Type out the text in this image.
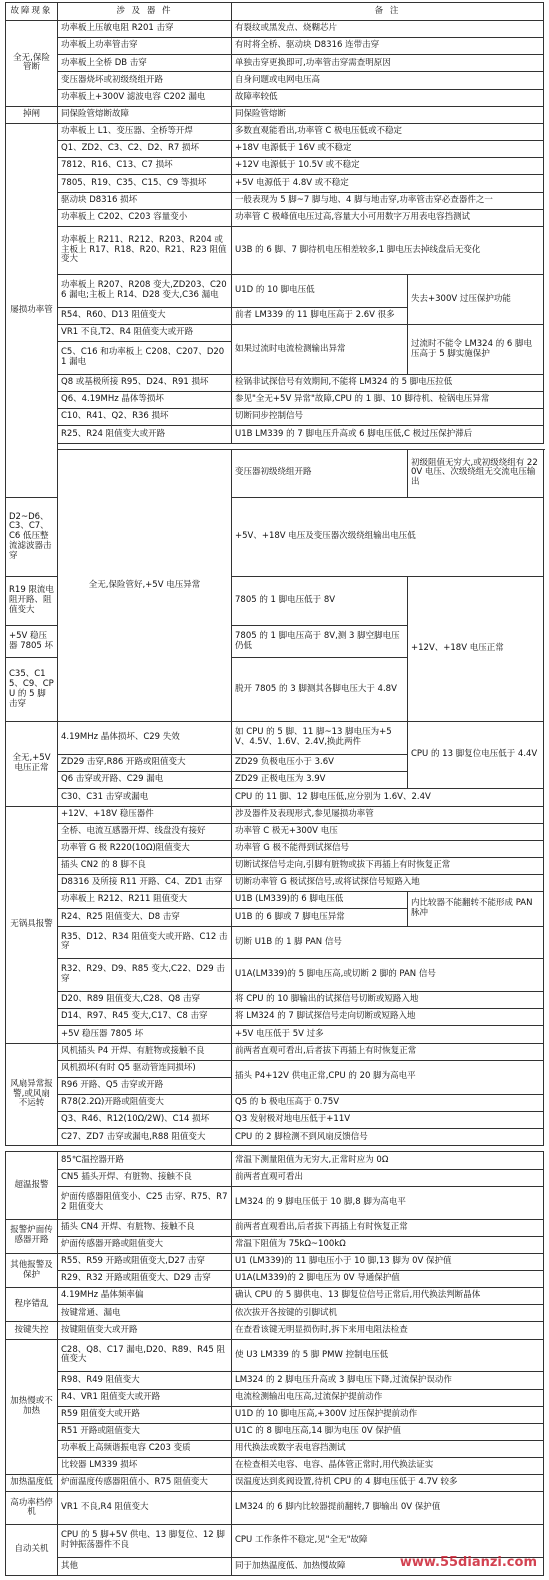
故障现象	涉 及 器 件	备 注	
全无,保险管断	功率板上压敏电阻 R201 击穿	有裂纹或黑发点、烧糊芯片	
	功率板上功率管击穿	有时将全桥、驱动块 D8316 连带击穿	
	功率板上全桥 DB 击穿	单独击穿更换即可,功率管击穿需查明原因	
	变压器烧坏或初级绕组开路	自身问题或电网电压高	
	功率板上+300V 滤波电容 C202 漏电	故障率较低	
掉闸	同保险管熔断故障	同保险管熔断	
屡损功率管	功率板上 L1、变压器、全桥等开焊	多数直观能看出,功率管 C 极电压低或不稳定	
	Q1、ZD2、C3、C2、D2、R7 损坏	+18V 电源低于 16V 或不稳定	
	7812、R16、C13、C7 损坏	+12V 电源低于 10.5V 或不稳定	
	7805、R19、C35、C15、C9 等损坏	+5V 电源低于 4.8V 或不稳定	
	驱动块 D8316 损坏	一般表现为 5 脚~7 脚与地、4 脚与地击穿,功率管击穿必查器件之一	
	功率板上 C202、C203 容量变小	功率管 C 极峰值电压过高,容量大小可用数字万用表电容挡测试	
	功率板上 R211、R212、R203、R204 或主板上 R17、R18、R20、R21、R23 阻值变大	U3B 的 6 脚、7 脚待机电压相差较多,1 脚电压去掉线盘后无变化	
	功率板上 R207、R208 变大,ZD203、C206 漏电;主板上 R14、D28 变大,C36 漏电	U1D 的 10 脚电压低	失去+300V 过压保护功能
	R54、R60、D13 阻值变大	前者 LM339 的 11 脚电压高于 2.6V 很多	
	VR1 不良,T2、R4 阻值变大或开路	如果过流时电流检测输出异常	过流时不能令 LM324 的 6 脚电压高于 5 脚实施保护
	C5、C16 和功率板上 C208、C207、D201 漏电		
	Q8 或基极所接 R95、D24、R91 损坏	检锅非试探信号有效期间,不能将 LM324 的 5 脚电压拉低	
	Q6、4.19MHz 晶体等损坏	参见"全无+5V 异常"故障,CPU 的 1 脚、10 脚待机、检锅电压异常	
	C10、R41、Q2、R36 损坏	切断同步控制信号	
	R25、R24 阻值变大或开路	U1B LM339 的 7 脚电压升高或 6 脚电压低,C 极过压保护滞后	

	全无,保险管好,+5V 电压异常	变压器初级绕组开路	初级阻值无穷大,或初级绕组有 220V 电压、次级绕组无交流电压输出
D2~D6、C3、C7、C6 低压整流滤波器击穿		+5V、+18V 电压及变压器次级绕组输出电压低	
R19 限流电阻开路、阻值变大		7805 的 1 脚电压低于 8V	+12V、+18V 电压正常
+5V 稳压器 7805 坏		7805 的 1 脚电压高于 8V,测 3 脚空脚电压仍低	
C35、C15、C9、CPU 的 5 脚击穿		脱开 7805 的 3 脚测其各脚电压大于 4.8V	
全无,+5V 电压正常	4.19MHz 晶体损坏、C29 失效	如 CPU 的 5 脚、11 脚~13 脚电压为+5V、4.5V、1.6V、2.4V,换此两件	CPU 的 13 脚复位电压低于 4.4V
	ZD29 击穿,R86 开路或阻值变大	ZD29 负极电压小于 3.6V	
	Q6 击穿或开路、C29 漏电	ZD29 正极电压为 3.9V	
	C30、C31 击穿或漏电	CPU 的 11 脚、12 脚电压低,应分别为 1.6V、2.4V	
无锅具报警	+12V、+18V 稳压器件	涉及器件及表现形式,参见屡损功率管	
	全桥、电流互感器开焊、线盘没有接好	功率管 C 极无+300V 电压	
	功率管 G 极 R220(10Ω)阻值变大	功率管 G 极不能得到试探信号	
	插头 CN2 的 8 脚不良	切断试探信号走向,引脚有脏物或拔下再插上有时恢复正常	
	D8316 及所接 R11 开路、C4、ZD1 击穿	切断功率管 G 极试探信号,或将试探信号短路入地	
	功率板上 R212、R211 阻值变大	U1B (LM339)的 6 脚电压低	内比较器不能翻转不能形成 PAN 脉冲
	R24、R25 阻值变大、D8 击穿	U1B 的 6 脚或 7 脚电压异常	
	R35、D12、R34 阻值变大或开路、C12 击穿	切断 U1B 的 1 脚 PAN 信号	
	R32、R29、D9、R85 变大,C22、D29 击穿	U1A(LM339)的 5 脚电压高,或切断 2 脚的 PAN 信号	
	D20、R89 阻值变大,C28、Q8 击穿	将 CPU 的 10 脚输出的试探信号切断或短路入地	
	D14、R97、R45 变大,C17、C8 击穿	将 LM324 的 7 脚试探信号走向切断或短路入地	
	+5V 稳压器 7805 坏	+5V 电压低于 5V 过多	
风扇异常报警,或风扇不运转	风机插头 P4 开焊、有脏物或接触不良	前两者直观可看出,后者拔下再插上有时恢复正常	
	风机损坏(有时 Q5 驱动管连同损坏)	插头 P4+12V 供电正常,CPU 的 20 脚为高电平	
	R96 开路、Q5 击穿或开路		
	R78(2.2Ω)开路或阻值变大	Q5 的 b 极电压高于 0.75V	
	Q3、R46、R12(10Ω/2W)、C14 损坏	Q3 发射极对地电压低于+11V	
	C27、ZD7 击穿或漏电,R88 阻值变大	CPU 的 2 脚检测不到风扇反馈信号	

超温报警	85℃温控器开路	常温下测量阻值为无穷大,正常时应为 0Ω	
	CN5 插头开焊、有脏物、接触不良	前两者直观可看出	
	炉面传感器阻值变小、C25 击穿、R75、R72 阻值变大	LM324 的 9 脚电压低于 10 脚,8 脚为高电平	
报警炉面传感器开路	插头 CN4 开焊、有脏物、接触不良	前两者直观看出,后者拔下再插上有时恢复正常	
	炉面传感器开路或阻值变大	常温下阻值为 75kΩ~100kΩ	
其他报警及保护	R55、R59 开路或阻值变大,D27 击穿	U1 (LM339)的 11 脚电压小于 10 脚,13 脚为 0V 保护值	
	R29、R32 开路或阻值变大、D29 击穿	U1A(LM339)的 2 脚电压为 0V 导通保护值	
程序错乱	4.19MHz 晶体频率偏	确认 CPU 的 5 脚供电、13 脚复位信号正常后,用代换法判断晶体	
	按键常通、漏电	依次拔开各按键的引脚试机	
按键失控	按键阻值变大或开路	在查看该键无明显损伤时,拆下来用电阻法检查	
加热慢或不加热	C28、Q8、C17 漏电,D20、R89、R45 阻值变大	使 U3 LM339 的 5 脚 PMW 控制电压低	
	R98、R49 阻值变大	LM324 的 2 脚电压升高或 3 脚电压下降,过流保护误动作	
	R4、VR1 阻值变大或开路	电流检测输出电压高,过流保护提前动作	
	R59 阻值变大或开路	U1D 的 10 脚电压高,+300V 过压保护提前动作	
	R51 开路或阻值变大	U1C 的 8 脚电压高,14 脚为电压 0V 保护值	
	功率板上高频谐振电容 C203 变质	用代换法或数字表电容挡测试	
	比较器 LM339 损坏	在检查相关电容、电容、晶体管正常时,用代换法证实	
加热温度低	炉面温度传感器阻值小、R75 阻值变大	误温度达到炙阀设置,待机 CPU 的 4 脚电压低于 4.7V 较多	
高功率档停机	VR1 不良,R4 阻值变大	LM324 的 6 脚内比较器提前翻转,7 脚输出 0V 保护值	
自动关机	CPU 的 5 脚+5V 供电、13 脚复位、12 脚时钟振荡器件不良	CPU 工作条件不稳定,见"全无"故障	
	其他	同于加热温度低、加热慢故障		www.55dianzi.com
